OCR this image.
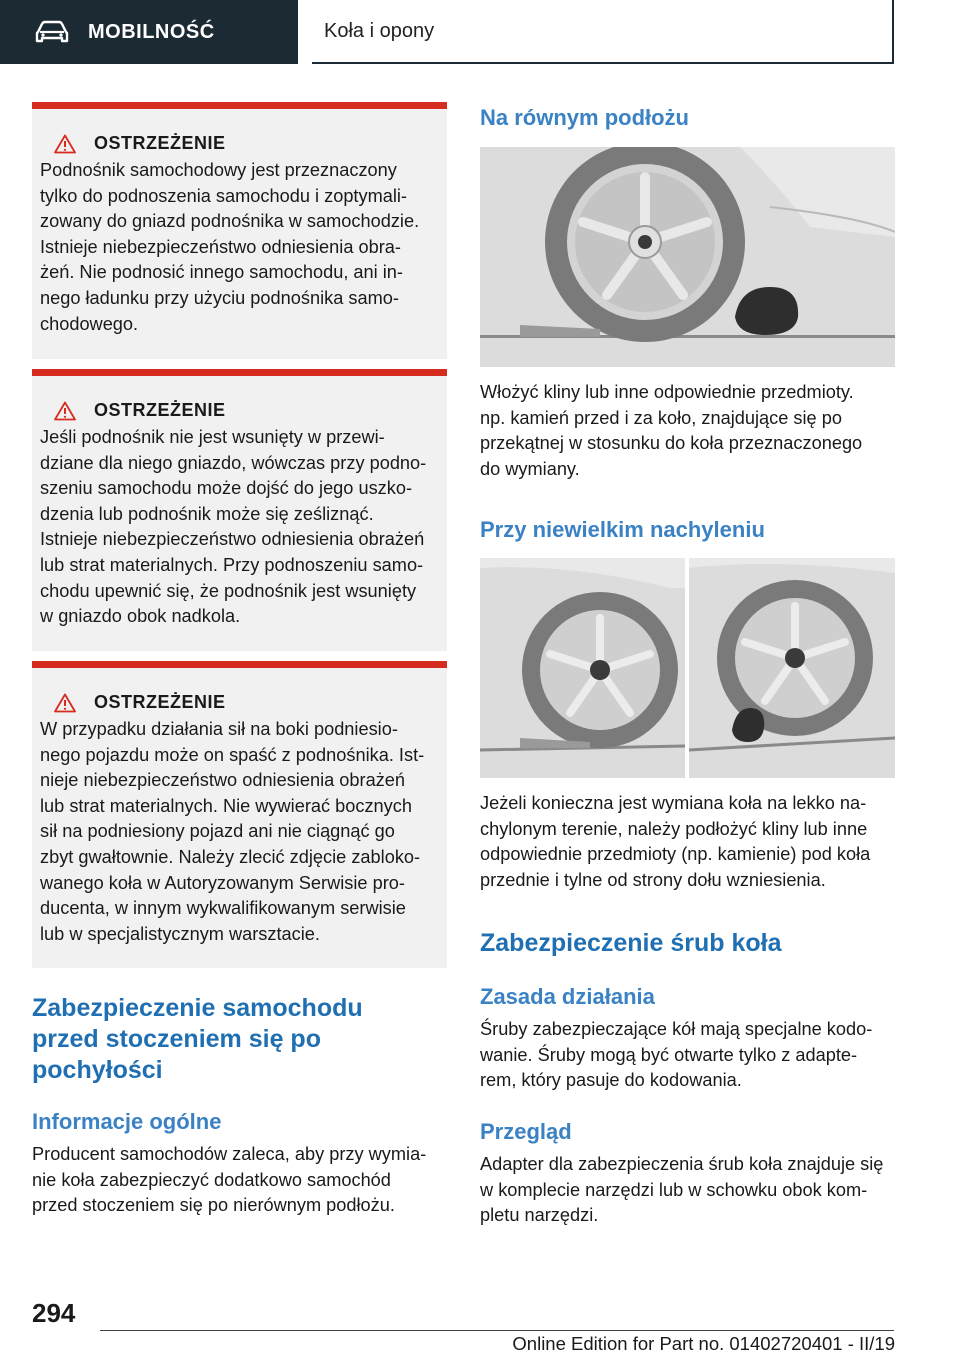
MOBILNOŚĆ	Koła i opony
OSTRZEŻENIE
Podnośnik samochodowy jest przeznaczony
tylko do podnoszenia samochodu i zoptymali-
zowany do gniazd podnośnika w samochodzie.
Istnieje niebezpieczeństwo odniesienia obra-
żeń. Nie podnosić innego samochodu, ani in-
nego ładunku przy użyciu podnośnika samo-
chodowego.
OSTRZEŻENIE
Jeśli podnośnik nie jest wsunięty w przewi-
dziane dla niego gniazdo, wówczas przy podno-
szeniu samochodu może dojść do jego uszko-
dzenia lub podnośnik może się ześliznąć.
Istnieje niebezpieczeństwo odniesienia obrażeń
lub strat materialnych. Przy podnoszeniu samo-
chodu upewnić się, że podnośnik jest wsunięty
w gniazdo obok nadkola.
OSTRZEŻENIE
W przypadku działania sił na boki podniesio-
nego pojazdu może on spaść z podnośnika. Ist-
nieje niebezpieczeństwo odniesienia obrażeń
lub strat materialnych. Nie wywierać bocznych
sił na podniesiony pojazd ani nie ciągnąć go
zbyt gwałtownie. Należy zlecić zdjęcie zabloko-
wanego koła w Autoryzowanym Serwisie pro-
ducenta, w innym wykwalifikowanym serwisie
lub w specjalistycznym warsztacie.
Zabezpieczenie samochodu
przed stoczeniem się po
pochyłości
Informacje ogólne
Producent samochodów zaleca, aby przy wymia-
nie koła zabezpieczyć dodatkowo samochód
przed stoczeniem się po nierównym podłożu.
Na równym podłożu
Włożyć kliny lub inne odpowiednie przedmioty.
np. kamień przed i za koło, znajdujące się po
przekątnej w stosunku do koła przeznaczonego
do wymiany.
Przy niewielkim nachyleniu
Jeżeli konieczna jest wymiana koła na lekko na-
chylonym terenie, należy podłożyć kliny lub inne
odpowiednie przedmioty (np. kamienie) pod koła
przednie i tylne od strony dołu wzniesienia.
Zabezpieczenie śrub koła
Zasada działania
Śruby zabezpieczające kół mają specjalne kodo-
wanie. Śruby mogą być otwarte tylko z adapte-
rem, który pasuje do kodowania.
Przegląd
Adapter dla zabezpieczenia śrub koła znajduje się
w komplecie narzędzi lub w schowku obok kom-
pletu narzędzi.
294
Online Edition for Part no. 01402720401 - II/19
